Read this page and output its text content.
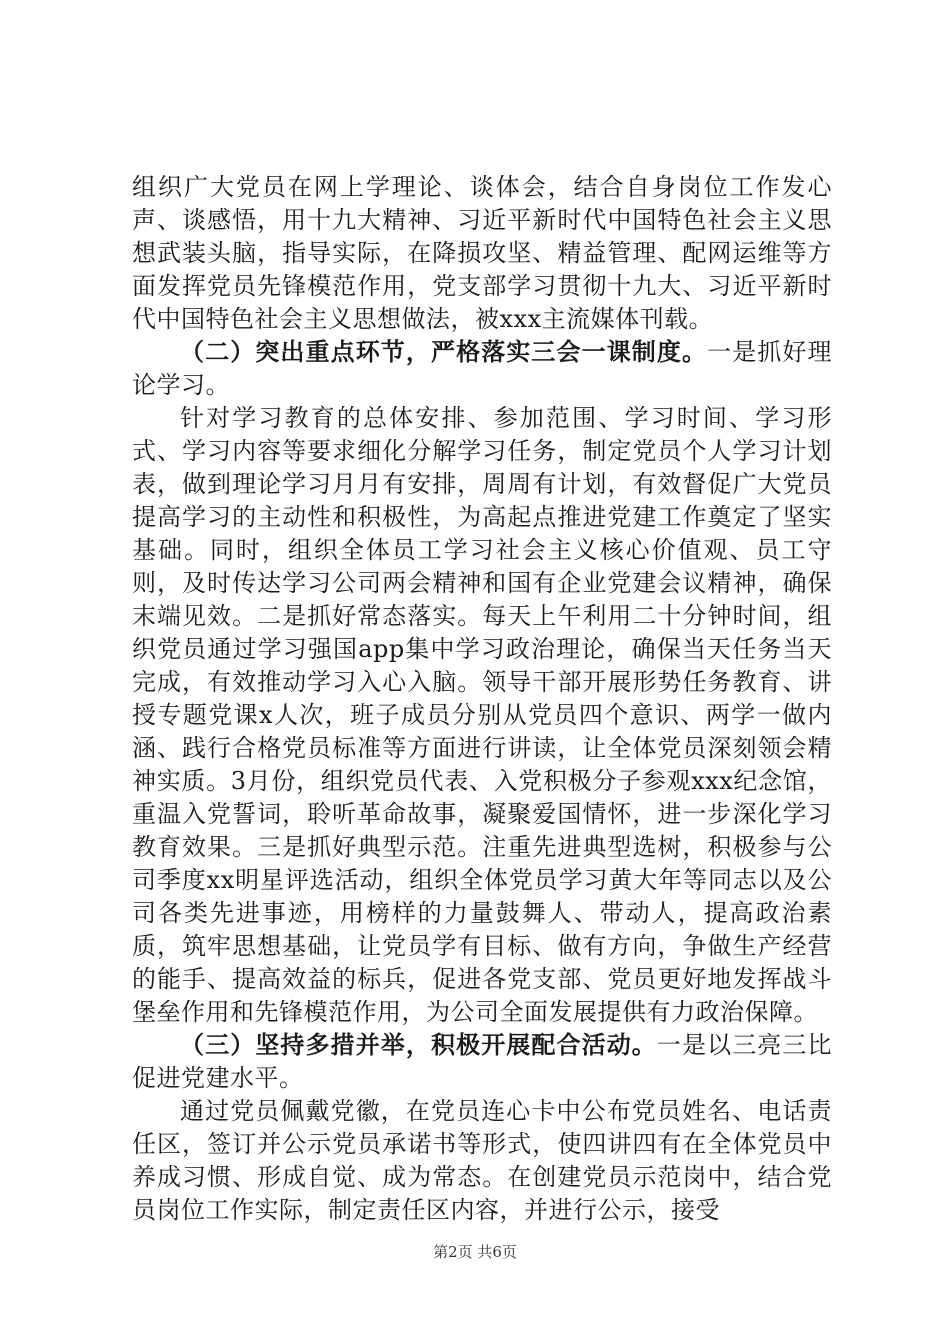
组织广大党员在网上学理论、谈体会，结合自身岗位工作发心声、谈感悟，用十九大精神、习近平新时代中国特色社会主义思想武装头脑，指导实际，在降损攻坚、精益管理、配网运维等方面发挥党员先锋模范作用，党支部学习贯彻十九大、习近平新时代中国特色社会主义思想做法，被xxx主流媒体刊载。

（二）突出重点环节，严格落实三会一课制度。一是抓好理论学习。

针对学习教育的总体安排、参加范围、学习时间、学习形式、学习内容等要求细化分解学习任务，制定党员个人学习计划表，做到理论学习月月有安排，周周有计划，有效督促广大党员提高学习的主动性和积极性，为高起点推进党建工作奠定了坚实基础。同时，组织全体员工学习社会主义核心价值观、员工守则，及时传达学习公司两会精神和国有企业党建会议精神，确保末端见效。二是抓好常态落实。每天上午利用二十分钟时间，组织党员通过学习强国app集中学习政治理论，确保当天任务当天完成，有效推动学习入心入脑。领导干部开展形势任务教育、讲授专题党课x人次，班子成员分别从党员四个意识、两学一做内涵、践行合格党员标准等方面进行讲读，让全体党员深刻领会精神实质。3月份，组织党员代表、入党积极分子参观xxx纪念馆，重温入党誓词，聆听革命故事，凝聚爱国情怀，进一步深化学习教育效果。三是抓好典型示范。注重先进典型选树，积极参与公司季度xx明星评选活动，组织全体党员学习黄大年等同志以及公司各类先进事迹，用榜样的力量鼓舞人、带动人，提高政治素质，筑牢思想基础，让党员学有目标、做有方向，争做生产经营的能手、提高效益的标兵，促进各党支部、党员更好地发挥战斗堡垒作用和先锋模范作用，为公司全面发展提供有力政治保障。

（三）坚持多措并举，积极开展配合活动。一是以三亮三比促进党建水平。

通过党员佩戴党徽，在党员连心卡中公布党员姓名、电话责任区，签订并公示党员承诺书等形式，使四讲四有在全体党员中养成习惯、形成自觉、成为常态。在创建党员示范岗中，结合党员岗位工作实际，制定责任区内容，并进行公示，接受

第2页 共6页
